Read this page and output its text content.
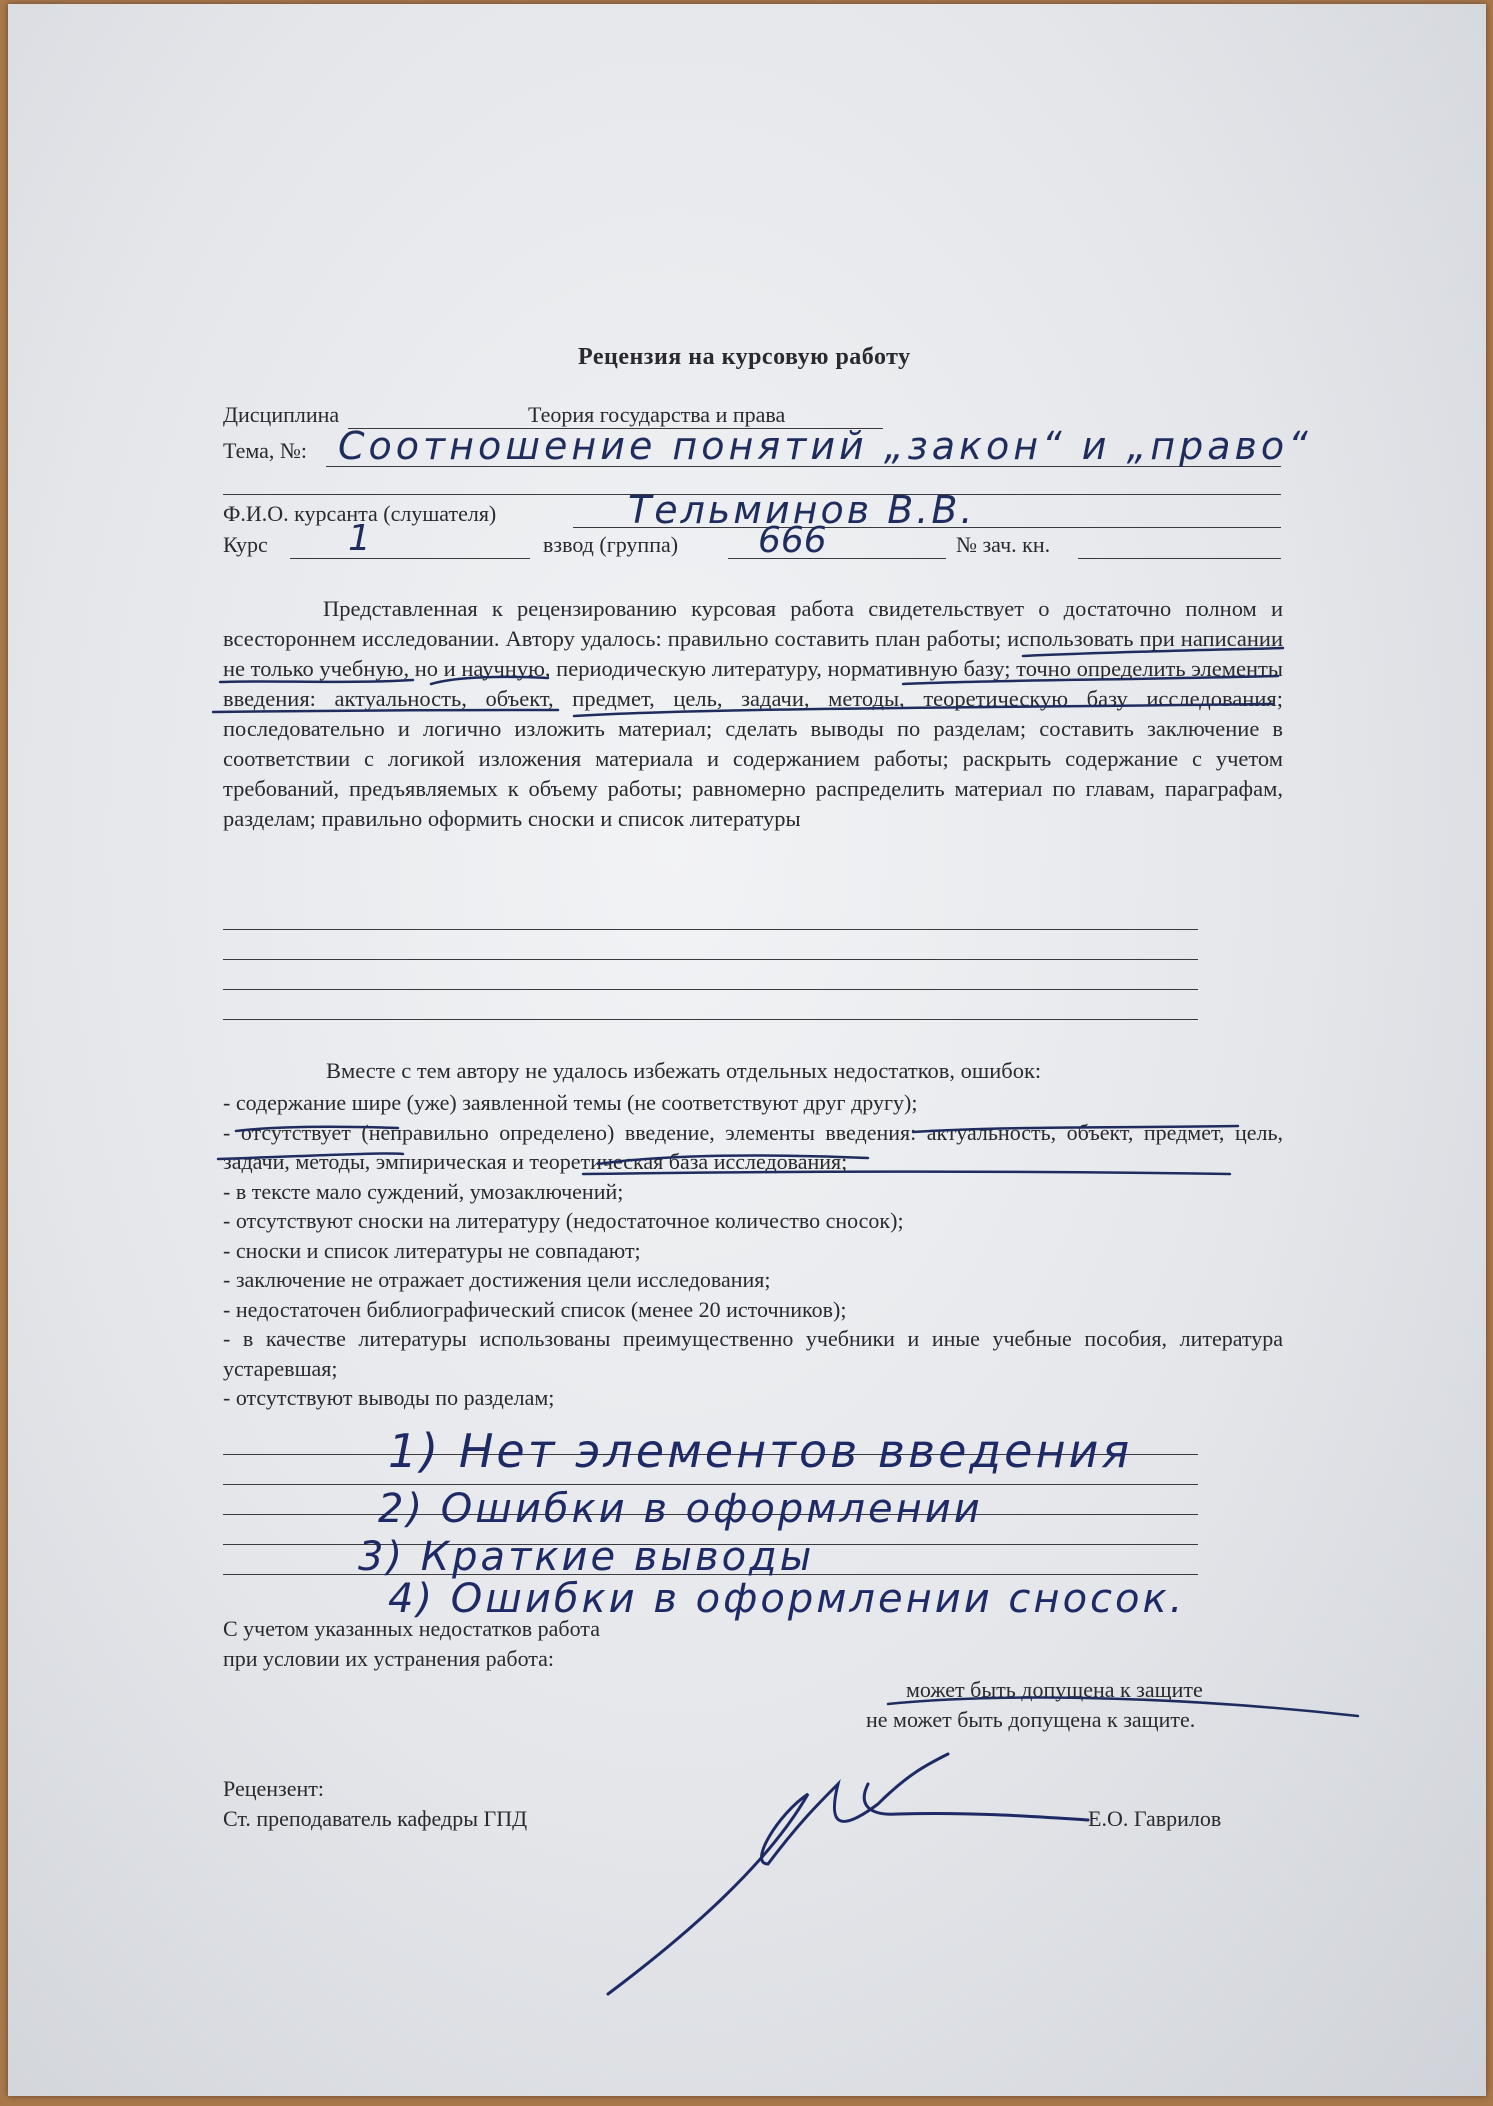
Рецензия на курсовую работу
Дисциплина	Теория государства и права
Тема, №: Соотношение понятий „закон“ и „право“
Ф.И.О. курсанта (слушателя)	Тельминов В.В.
Курс 1	взвод (группа) 666	№ зач. кн.

Представленная к рецензированию курсовая работа свидетельствует о достаточно полном и всестороннем исследовании. Автору удалось: правильно составить план работы; использовать при написании не только учебную, но и научную, периодическую литературу, нормативную базу; точно определить элементы введения: актуальность, объект, предмет, цель, задачи, методы, теоретическую базу исследования; последовательно и логично изложить материал; сделать выводы по разделам; составить заключение в соответствии с логикой изложения материала и содержанием работы; раскрыть содержание с учетом требований, предъявляемых к объему работы; равномерно распределить материал по главам, параграфам, разделам; правильно оформить сноски и список литературы

Вместе с тем автору не удалось избежать отдельных недостатков, ошибок:
- содержание шире (уже) заявленной темы (не соответствуют друг другу);
- отсутствует (неправильно определено) введение, элементы введения: актуальность, объект, предмет, цель, задачи, методы, эмпирическая и теоретическая база исследования;
- в тексте мало суждений, умозаключений;
- отсутствуют сноски на литературу (недостаточное количество сносок);
- сноски и список литературы не совпадают;
- заключение не отражает достижения цели исследования;
- недостаточен библиографический список (менее 20 источников);
- в качестве литературы использованы преимущественно учебники и иные учебные пособия, литература устаревшая;
- отсутствуют выводы по разделам;
1) Нет элементов введения
2) Ошибки в оформлении
3) Краткие выводы
4) Ошибки в оформлении сносок.
С учетом указанных недостатков работа
при условии их устранения работа:
может быть допущена к защите
не может быть допущена к защите.
Рецензент:
Ст. преподаватель кафедры ГПД	Е.О. Гаврилов
